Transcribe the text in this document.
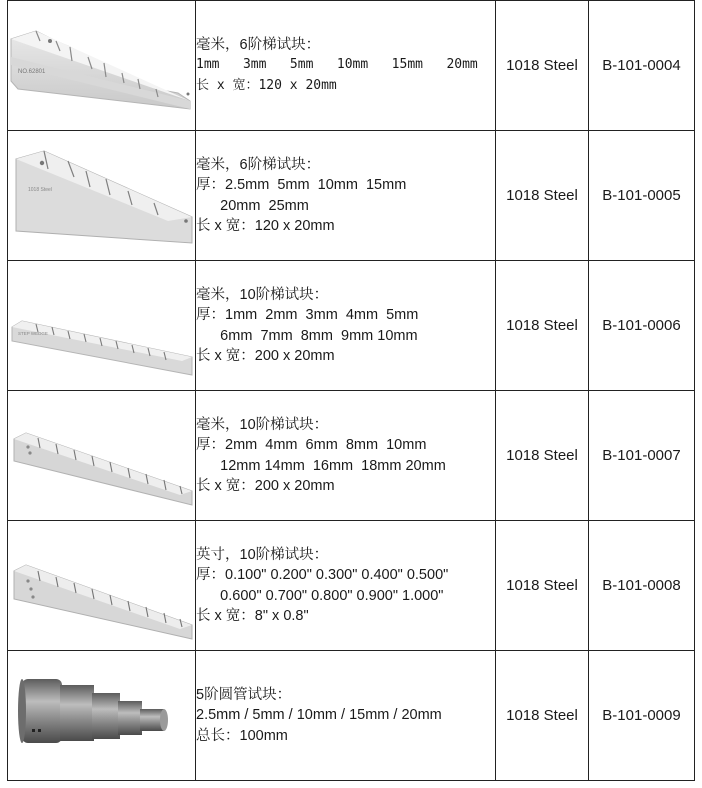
NO.62801	毫米，6阶梯试块：
1mm   3mm   5mm   10mm   15mm   20mm
长 x 宽：120 x 20mm	1018 Steel	B-101-0004

1018 Steel	毫米，6阶梯试块：
厚：2.5mm  5mm  10mm  15mm
20mm  25mm
长 x 宽：120 x 20mm	1018 Steel	B-101-0005

STEP WEDGE	毫米，10阶梯试块：
厚：1mm  2mm  3mm  4mm  5mm
6mm  7mm  8mm  9mm 10mm
长 x 宽：200 x 20mm	1018 Steel	B-101-0006

毫米，10阶梯试块：
厚：2mm  4mm  6mm  8mm  10mm
12mm 14mm  16mm  18mm 20mm
长 x 宽：200 x 20mm	1018 Steel	B-101-0007

英寸，10阶梯试块：
厚：0.100" 0.200" 0.300" 0.400" 0.500"
0.600" 0.700" 0.800" 0.900" 1.000"
长 x 宽：8" x 0.8"	1018 Steel	B-101-0008

5阶圆管试块：
2.5mm / 5mm / 10mm / 15mm / 20mm
总长：100mm	1018 Steel	B-101-0009
